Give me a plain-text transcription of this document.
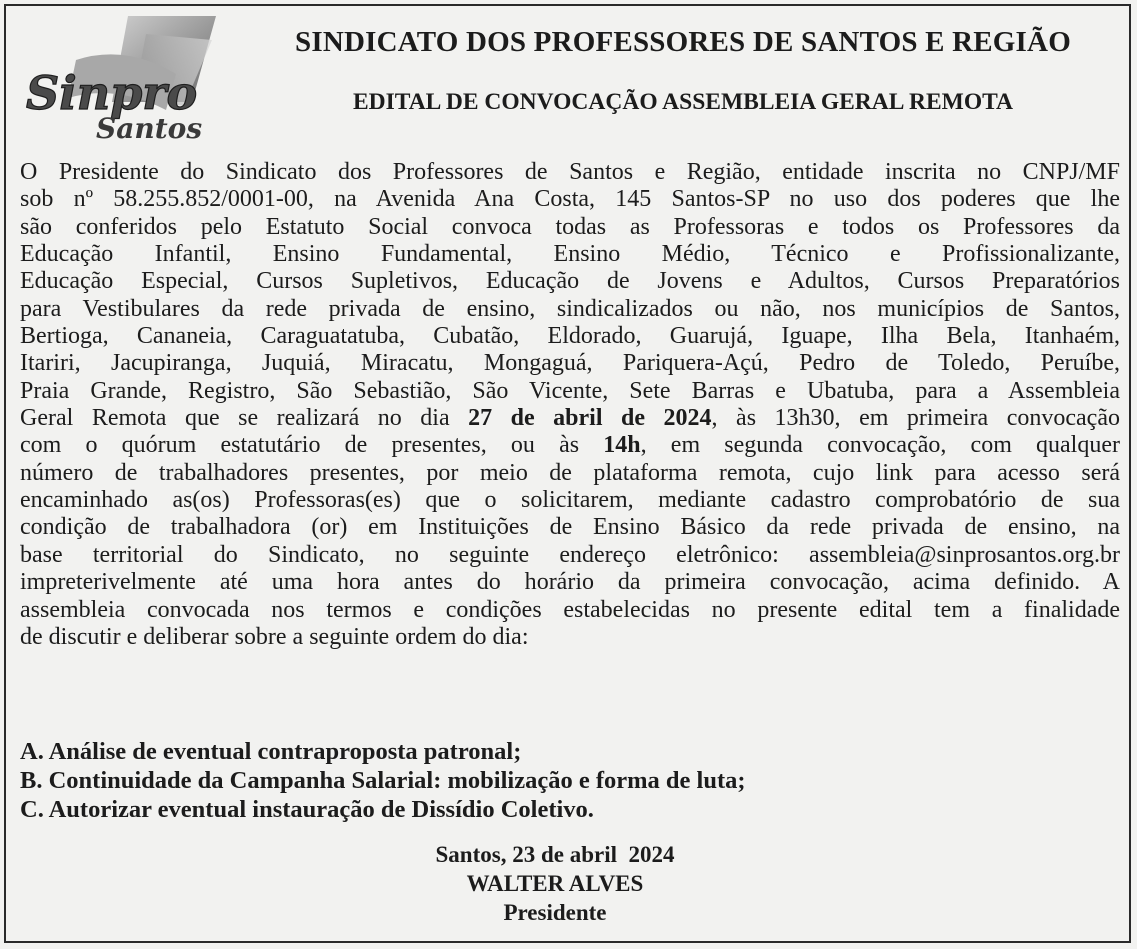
Sinpro
Santos
SINDICATO DOS PROFESSORES DE SANTOS E REGIÃO
EDITAL DE CONVOCAÇÃO ASSEMBLEIA GERAL REMOTA
O Presidente do Sindicato dos Professores de Santos e Região, entidade inscrita no CNPJ/MF
sob nº 58.255.852/0001-00, na Avenida Ana Costa, 145 Santos-SP no uso dos poderes que lhe
são conferidos pelo Estatuto Social convoca todas as Professoras e todos os Professores da
Educação Infantil, Ensino Fundamental, Ensino Médio, Técnico e Profissionalizante,
Educação Especial, Cursos Supletivos, Educação de Jovens e Adultos, Cursos Preparatórios
para Vestibulares da rede privada de ensino, sindicalizados ou não, nos municípios de Santos,
Bertioga, Cananeia, Caraguatatuba, Cubatão, Eldorado, Guarujá, Iguape, Ilha Bela, Itanhaém,
Itariri, Jacupiranga, Juquiá, Miracatu, Mongaguá, Pariquera-Açú, Pedro de Toledo, Peruíbe,
Praia Grande, Registro, São Sebastião, São Vicente, Sete Barras e Ubatuba, para a Assembleia
Geral Remota que se realizará no dia 27 de abril de 2024, às 13h30, em primeira convocação
com o quórum estatutário de presentes, ou às 14h, em segunda convocação, com qualquer
número de trabalhadores presentes, por meio de plataforma remota, cujo link para acesso será
encaminhado as(os) Professoras(es) que o solicitarem, mediante cadastro comprobatório de sua
condição de trabalhadora (or) em Instituições de Ensino Básico da rede privada de ensino, na
base territorial do Sindicato, no seguinte endereço eletrônico: assembleia@sinprosantos.org.br
impreterivelmente até uma hora antes do horário da primeira convocação, acima definido. A
assembleia convocada nos termos e condições estabelecidas no presente edital tem a finalidade
de discutir e deliberar sobre a seguinte ordem do dia:
A. Análise de eventual contraproposta patronal;
B. Continuidade da Campanha Salarial: mobilização e forma de luta;
C. Autorizar eventual instauração de Dissídio Coletivo.
Santos, 23 de abril  2024
WALTER ALVES
Presidente
